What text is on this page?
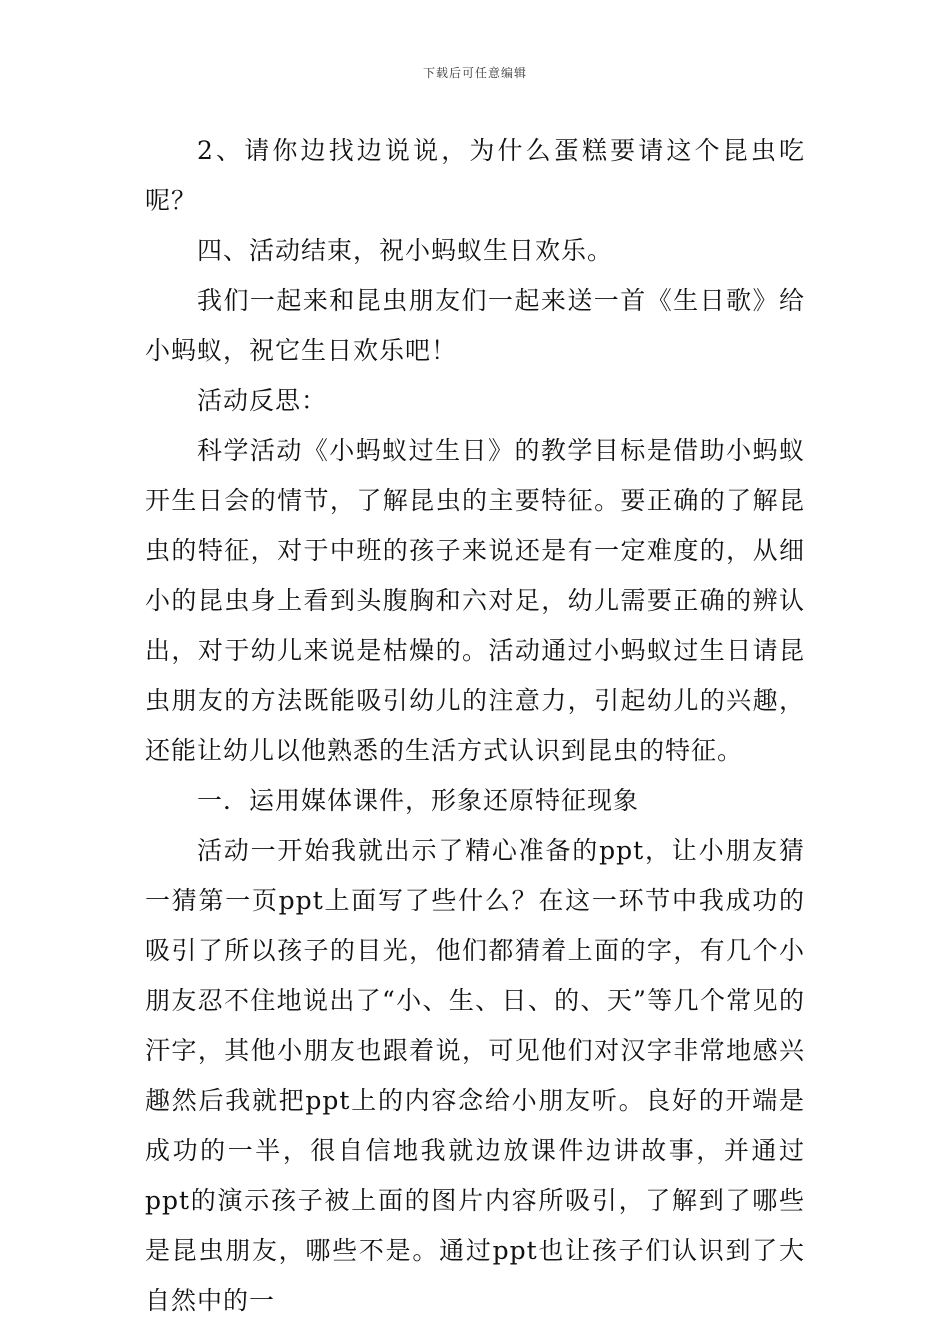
下载后可任意编辑

2、请你边找边说说，为什么蛋糕要请这个昆虫吃呢？

四、活动结束，祝小蚂蚁生日欢乐。

我们一起来和昆虫朋友们一起来送一首《生日歌》给小蚂蚁，祝它生日欢乐吧！

活动反思：

科学活动《小蚂蚁过生日》的教学目标是借助小蚂蚁开生日会的情节，了解昆虫的主要特征。要正确的了解昆虫的特征，对于中班的孩子来说还是有一定难度的，从细小的昆虫身上看到头腹胸和六对足，幼儿需要正确的辨认出，对于幼儿来说是枯燥的。活动通过小蚂蚁过生日请昆虫朋友的方法既能吸引幼儿的注意力，引起幼儿的兴趣，还能让幼儿以他熟悉的生活方式认识到昆虫的特征。

一．运用媒体课件，形象还原特征现象

活动一开始我就出示了精心准备的ppt，让小朋友猜一猜第一页ppt上面写了些什么？在这一环节中我成功的吸引了所以孩子的目光，他们都猜着上面的字，有几个小朋友忍不住地说出了“小、生、日、的、天”等几个常见的汗字，其他小朋友也跟着说，可见他们对汉字非常地感兴趣然后我就把ppt上的内容念给小朋友听。良好的开端是成功的一半，很自信地我就边放课件边讲故事，并通过ppt的演示孩子被上面的图片内容所吸引，了解到了哪些是昆虫朋友，哪些不是。通过ppt也让孩子们认识到了大自然中的一
